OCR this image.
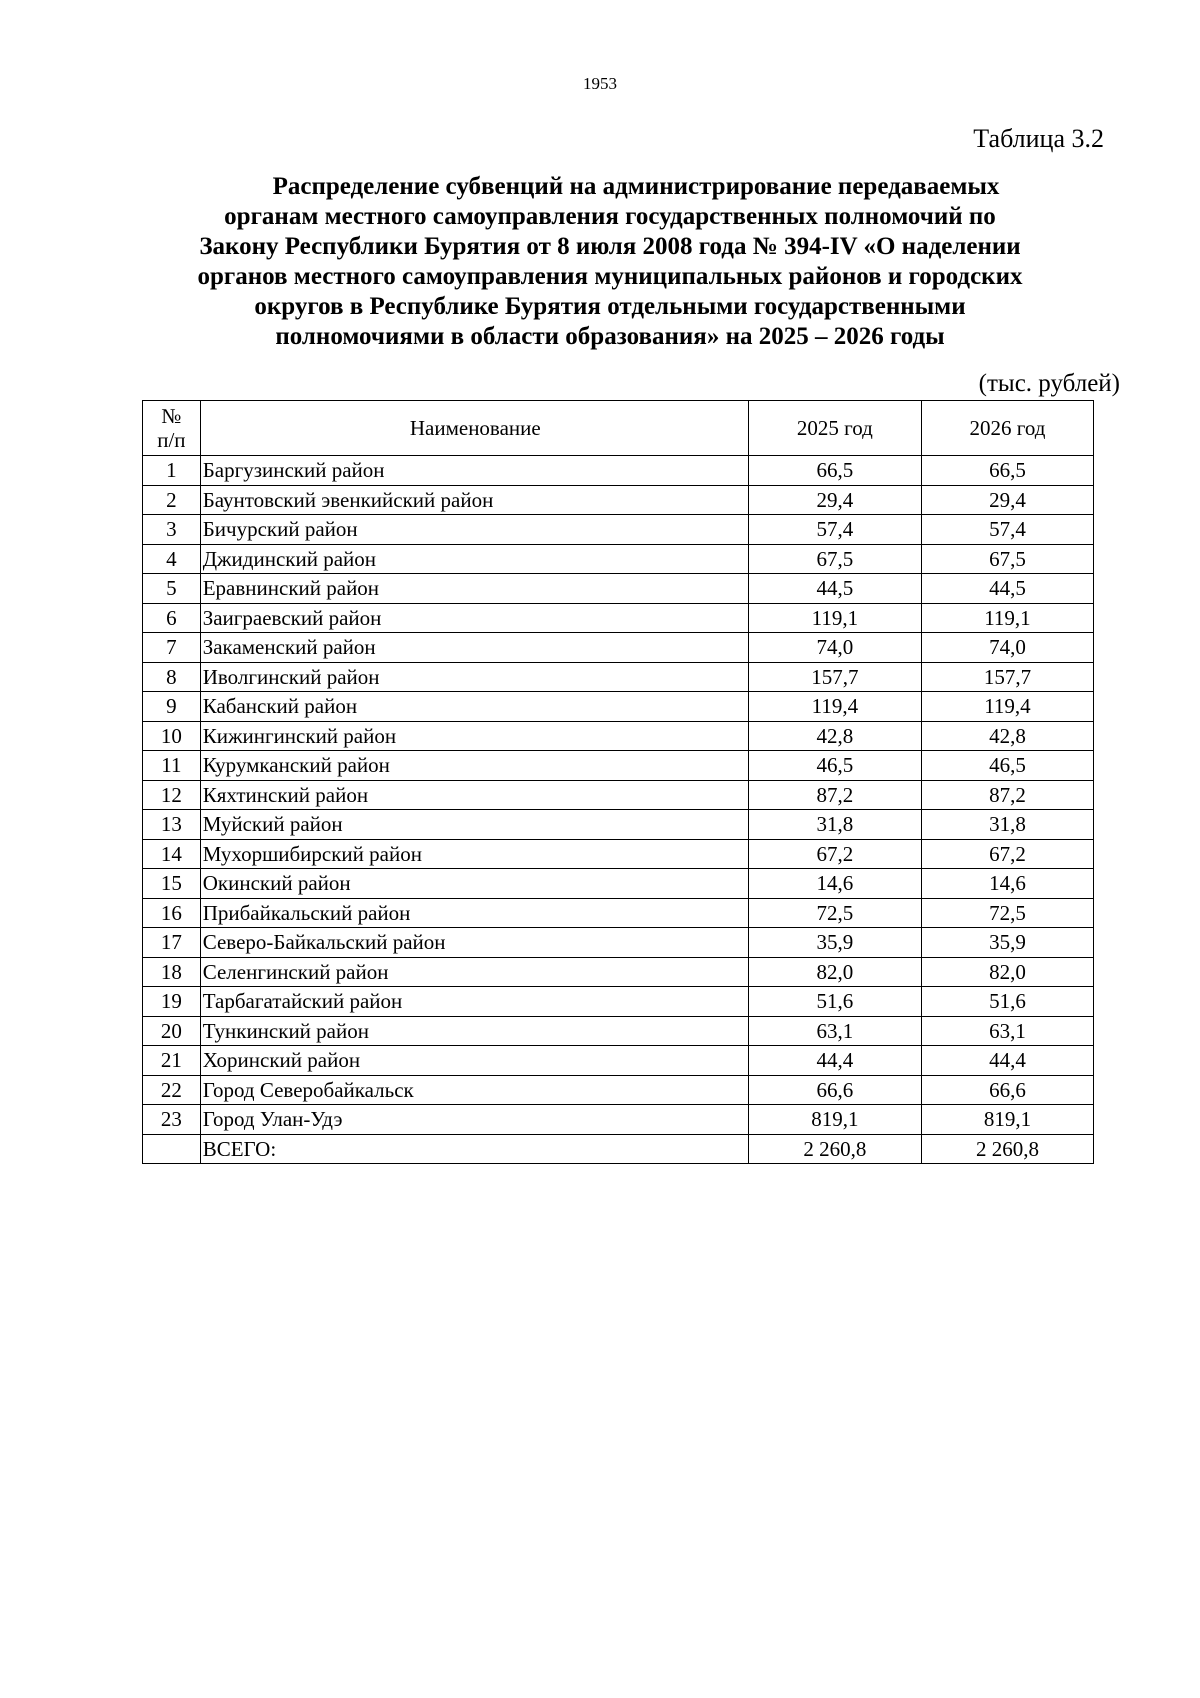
1953
Таблица 3.2
Распределение субвенций на администрирование передаваемых
органам местного самоуправления государственных полномочий по
Закону Республики Бурятия от 8 июля 2008 года № 394-IV «О наделении
органов местного самоуправления муниципальных районов и городских
округов в Республике Бурятия отдельными государственными
полномочиями в области образования» на 2025 – 2026 годы
(тыс. рублей)
№
п/п	Наименование	2025 год	2026 год
1	Баргузинский район	66,5	66,5
2	Баунтовский эвенкийский район	29,4	29,4
3	Бичурский район	57,4	57,4
4	Джидинский район	67,5	67,5
5	Еравнинский район	44,5	44,5
6	Заиграевский район	119,1	119,1
7	Закаменский район	74,0	74,0
8	Иволгинский район	157,7	157,7
9	Кабанский район	119,4	119,4
10	Кижингинский район	42,8	42,8
11	Курумканский район	46,5	46,5
12	Кяхтинский район	87,2	87,2
13	Муйский район	31,8	31,8
14	Мухоршибирский район	67,2	67,2
15	Окинский район	14,6	14,6
16	Прибайкальский район	72,5	72,5
17	Северо-Байкальский район	35,9	35,9
18	Селенгинский район	82,0	82,0
19	Тарбагатайский район	51,6	51,6
20	Тункинский район	63,1	63,1
21	Хоринский район	44,4	44,4
22	Город Северобайкальск	66,6	66,6
23	Город Улан-Удэ	819,1	819,1
	ВСЕГО:	2 260,8	2 260,8
